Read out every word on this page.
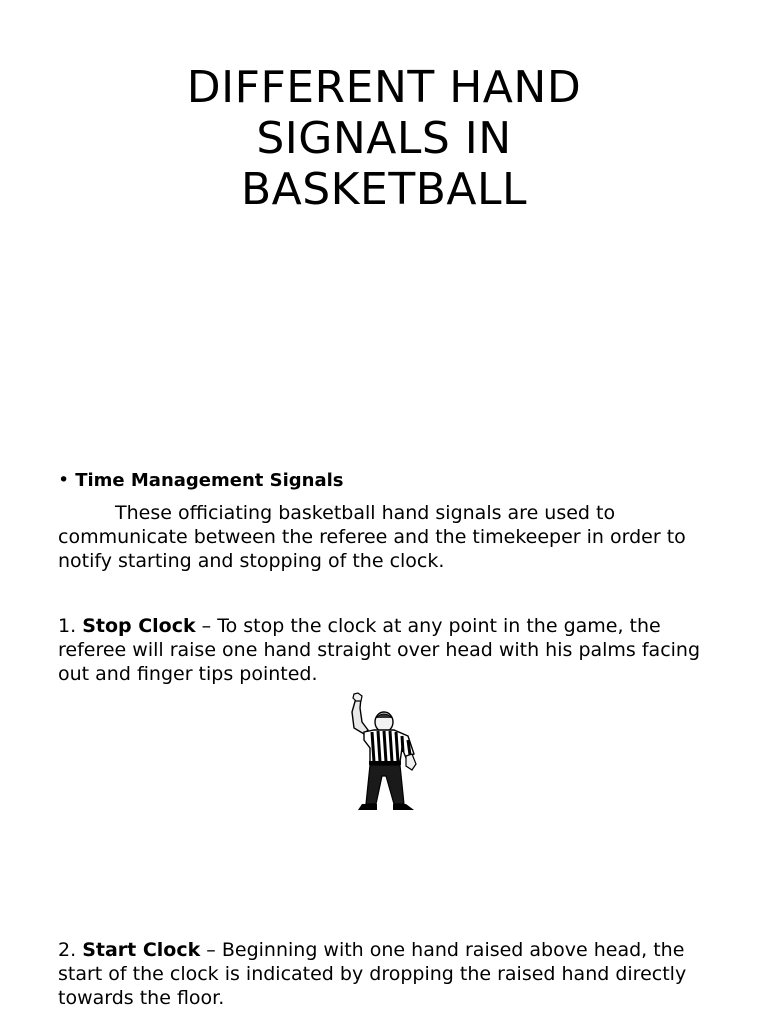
DIFFERENT HAND
SIGNALS IN
BASKETBALL
• Time Management Signals
These officiating basketball hand signals are used to communicate between the referee and the timekeeper in order to notify starting and stopping of the clock.
1. Stop Clock – To stop the clock at any point in the game, the referee will raise one hand straight over head with his palms facing out and finger tips pointed.
2. Start Clock – Beginning with one hand raised above head, the start of the clock is indicated by dropping the raised hand directly towards the floor.
